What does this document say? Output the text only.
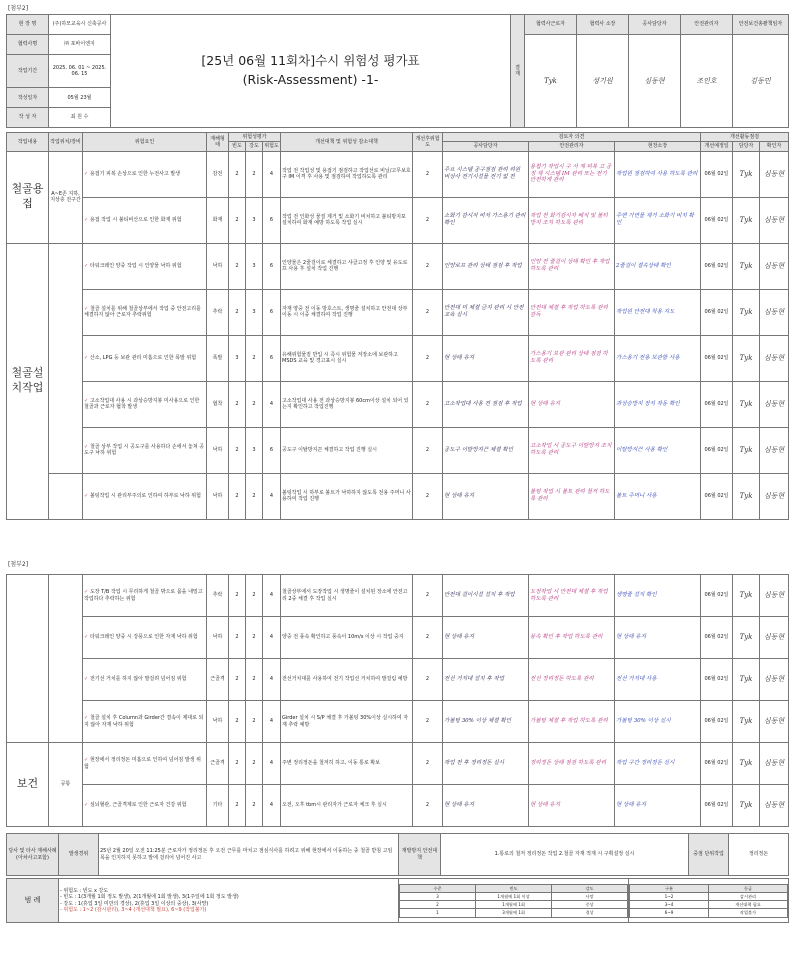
[첨부2]
현 장 명	(주)하모교육시 신축공사	[25년 06월 11회차]수시 위험성 평가표
(Risk-Assessment) -1-	결 재	협력사근로자	협력사 소장	공사담당자	안전관리자	안전보건총괄책임자
협력사명	㈜ 포바이엔지			Tyk	성기원	심동현	조인호	김동민
작업기간	2025. 06. 01 ~ 2025. 06. 15							
작성일자	05월 23월							
작 성 자	최 원 수							
작업내용	작업위치/장비	위험요인	재해형태	위험성평가			개선대책 및 위험성 감소대책	개선후위험도	검토자 의견			개선활동점검		
				빈도	강도	위험도			공사담당자	안전관리자	현장소장	개선예정일	담당자	확인자
철골용접	A~E존 지하, 지상층 전구간	✓ 용접기 피복 손상으로 인한 누전사고 발생	감전	2	2	4	작업 전 작업성 및 용접기 점검하고 작업선로 비닐/고무보호구 IM 이격 후 사용 및 점검하여 작업하도록 관리	2	주요 시스템 공구점검 관리 리원 비상사 전기시설물 전기 없 전	용접기 작업시 구 서 제 피복 고 공정 제 시스템 IM 관리 또는 전기 안전하게 관리	작업원 점검하여 사용 하도록 관리	06월 02일	Tyk	심동현
		✓ 용접 작업 시 불티비산으로 인한 화재 위험	화재	2	3	6	작업 전 인화성 물질 제거 및 소화기 비치하고 불티방지포 설치하여 화재 예방 하도록 작업 실시	2	소화기 감시자 비치 가스용기 관리 확인	작업 전 화기감시자 배치 및 불티방지 조치 하도록 관리	주변 가연물 제거 소화기 비치 확인	06월 02일	Tyk	심동현
철골설치작업		✓ 타워크레인 양중 작업 시 인양물 낙하 위험	낙하	2	3	6	인양물은 2줄걸이로 체결하고 샤클고정 후 인양 및 유도로프 사용 후 설치 작업 진행	2	인양로프 관리 상태 점검 후 작업	인양 전 줄걸이 상태 확인 후 작업 하도록 관리	2줄걸이 결속상태 확인	06월 02일	Tyk	심동현
		✓ 철골 설치를 위해 철골상부에서 작업 중 안전고리를 체결하지 않아 근로자 추락위험	추락	2	3	6	자재 양중 전 이동 방호스트, 생명줄 설치하고 안전대 상부 이동 시 이중 체결하여 작업 진행	2	안전대 미 체결 금지 관리 시 안전교육 실시	안전대 체결 후 작업 하도록 관리 감독	작업원 안전대 착용 지도	06월 02일	Tyk	심동현
		✓ 산소, LPG 등 보관 관리 미흡으로 인한 폭발 위험	폭발	3	2	6	유해위험물질 반입 시 즉시 위험물 저장소에 보관하고 MSDS 교육 및 경고표시 실시	2	현 상태 유지	가스용기 보관 관리 상태 점검 하도록 관리	가스용기 전용 보관함 사용	06월 02일	Tyk	심동현
		✓ 고소작업대 사용 시 과상승방지봉 미사용으로 인한 철골과 근로자 협착 발생	협착	2	2	4	고소작업대 사용 전 과상승방지봉 60cm이상 설치 되어 있는지 확인하고 작업진행	2	고소작업대 사용 전 점검 후 작업	현 상태 유지	과상승방지 장치 작동 확인	06월 02일	Tyk	심동현
		✓ 철골 상부 작업 시 공도구를 사용하다 손에서 놓쳐 공도구 낙하 위험	낙하	2	3	6	공도구 이탈방지끈 체결하고 작업 진행 실시	2	공도구 이탈방지끈 체결 확인	고소작업 시 공도구 이탈방지 조치 하도록 관리	이탈방지끈 사용 확인	06월 02일	Tyk	심동현
		✓ 볼팅작업 시 관리부주의로 인하여 하부로 낙하 위험	낙하	2	2	4	볼팅작업 시 하부로 볼트가 낙하하지 않도록 전용 주머니 사용하여 작업 진행	2	현 상태 유지	볼팅 작업 시 볼트 관리 철저 하도록 관리	볼트 주머니 사용	06월 02일	Tyk	심동현
[첨부2]
		✓ 도장 T/B 작업 시 무리하게 철골 밖으로 몸을 내밀고 작업하다 추락하는 위험	추락	2	2	4	철골상부에서 도장작업 시 생명줄이 설치된 장소에 안전고리 2중 체결 후 작업 실시	2	안전대 걸이시설 설치 후 작업	도장작업 시 안전대 체결 후 작업 하도록 관리	생명줄 설치 확인	06월 02일	Tyk	심동현
		✓ 타워크레인 양중 시 강풍으로 인한 자재 낙하 위험	낙하	2	2	4	양중 전 풍속 확인하고 풍속이 10m/s 이상 시 작업 중지	2	현 상태 유지	풍속 확인 후 작업 하도록 관리	현 상태 유지	06월 02일	Tyk	심동현
		✓ 전기선 거치를 하지 않아 발걸려 넘어짐 위험	근골격	2	2	4	전선거치대를 사용하여 전기 작업선 거치하여 발걸림 예방	2	전선 거치대 설치 후 작업	전선 정리정돈 하도록 관리	전선 거치대 사용	06월 02일	Tyk	심동현
		✓ 철골 설치 후 Column과 Girder간 결속이 제대로 되지 않아 자재 낙하 위험	낙하	2	2	4	Girder 설치 시 S/P 체결 후 가볼팅 30%이상 실시하여 자재 추락 예방	2	가볼팅 30% 이상 체결 확인	가볼팅 체결 후 작업 하도록 관리	가볼팅 30% 이상 실시	06월 02일	Tyk	심동현
보건	공통	✓ 현장에서 정리정돈 미흡으로 인하여 넘어짐 발생 위험	근골격	2	2	4	주변 정리정돈을 철저히 하고, 이동 통로 확보	2	작업 전 후 정리정돈 실시	정리정돈 상태 점검 하도록 관리	작업 구간 정리정돈 실시	06월 02일	Tyk	심동현
		✓ 심뇌혈관, 근골격계로 인한 근로자 건강 위험	기타	2	2	4	오전, 오후 tbm시 관리자가 근로자 체크 후 실시	2	현 상태 유지	현 상태 유지	현 상태 유지	06월 02일	Tyk	심동현
당사 및 타사 재해사례(아차사고포함)	발생경위	25년 2월 20일 오전 11:25분 근로자가 정리정돈 후 오전 근무를 마치고 점심식사를 하려고 위해 현장에서 이동하는 중 철골 받침 고임목을 인지하지 못하고 발에 걸리어 넘어진 사고	재발방지 안전대책	1.통로의 철저 정리정돈 작업 2.철골 자재 적재 시 구획설정 실시	중점 단위작업	정리정돈
범 례	
- 위험도 : 빈도 x 강도
- 빈도 : 1(3개월 1회 정도 발생), 2(1개월에 1회 발생), 3(1주일에 1회 정도 발생)
- 강도 : 1(휴업 3일 미만의 경상), 2(휴업 3일 이상의 중상), 3(사망)
- 위험도 : 1~2 (감시관리), 3~4 (개선대책 필요), 6~9 (작업불가)

수준	빈도	강도
3	1개월에 1회 이상	사망
2	1개월에 1회	중상
1	3개월에 1회	경상

구분	등급
1~2	감시관리
3~4	개선대책 필요
6~9	작업불가
